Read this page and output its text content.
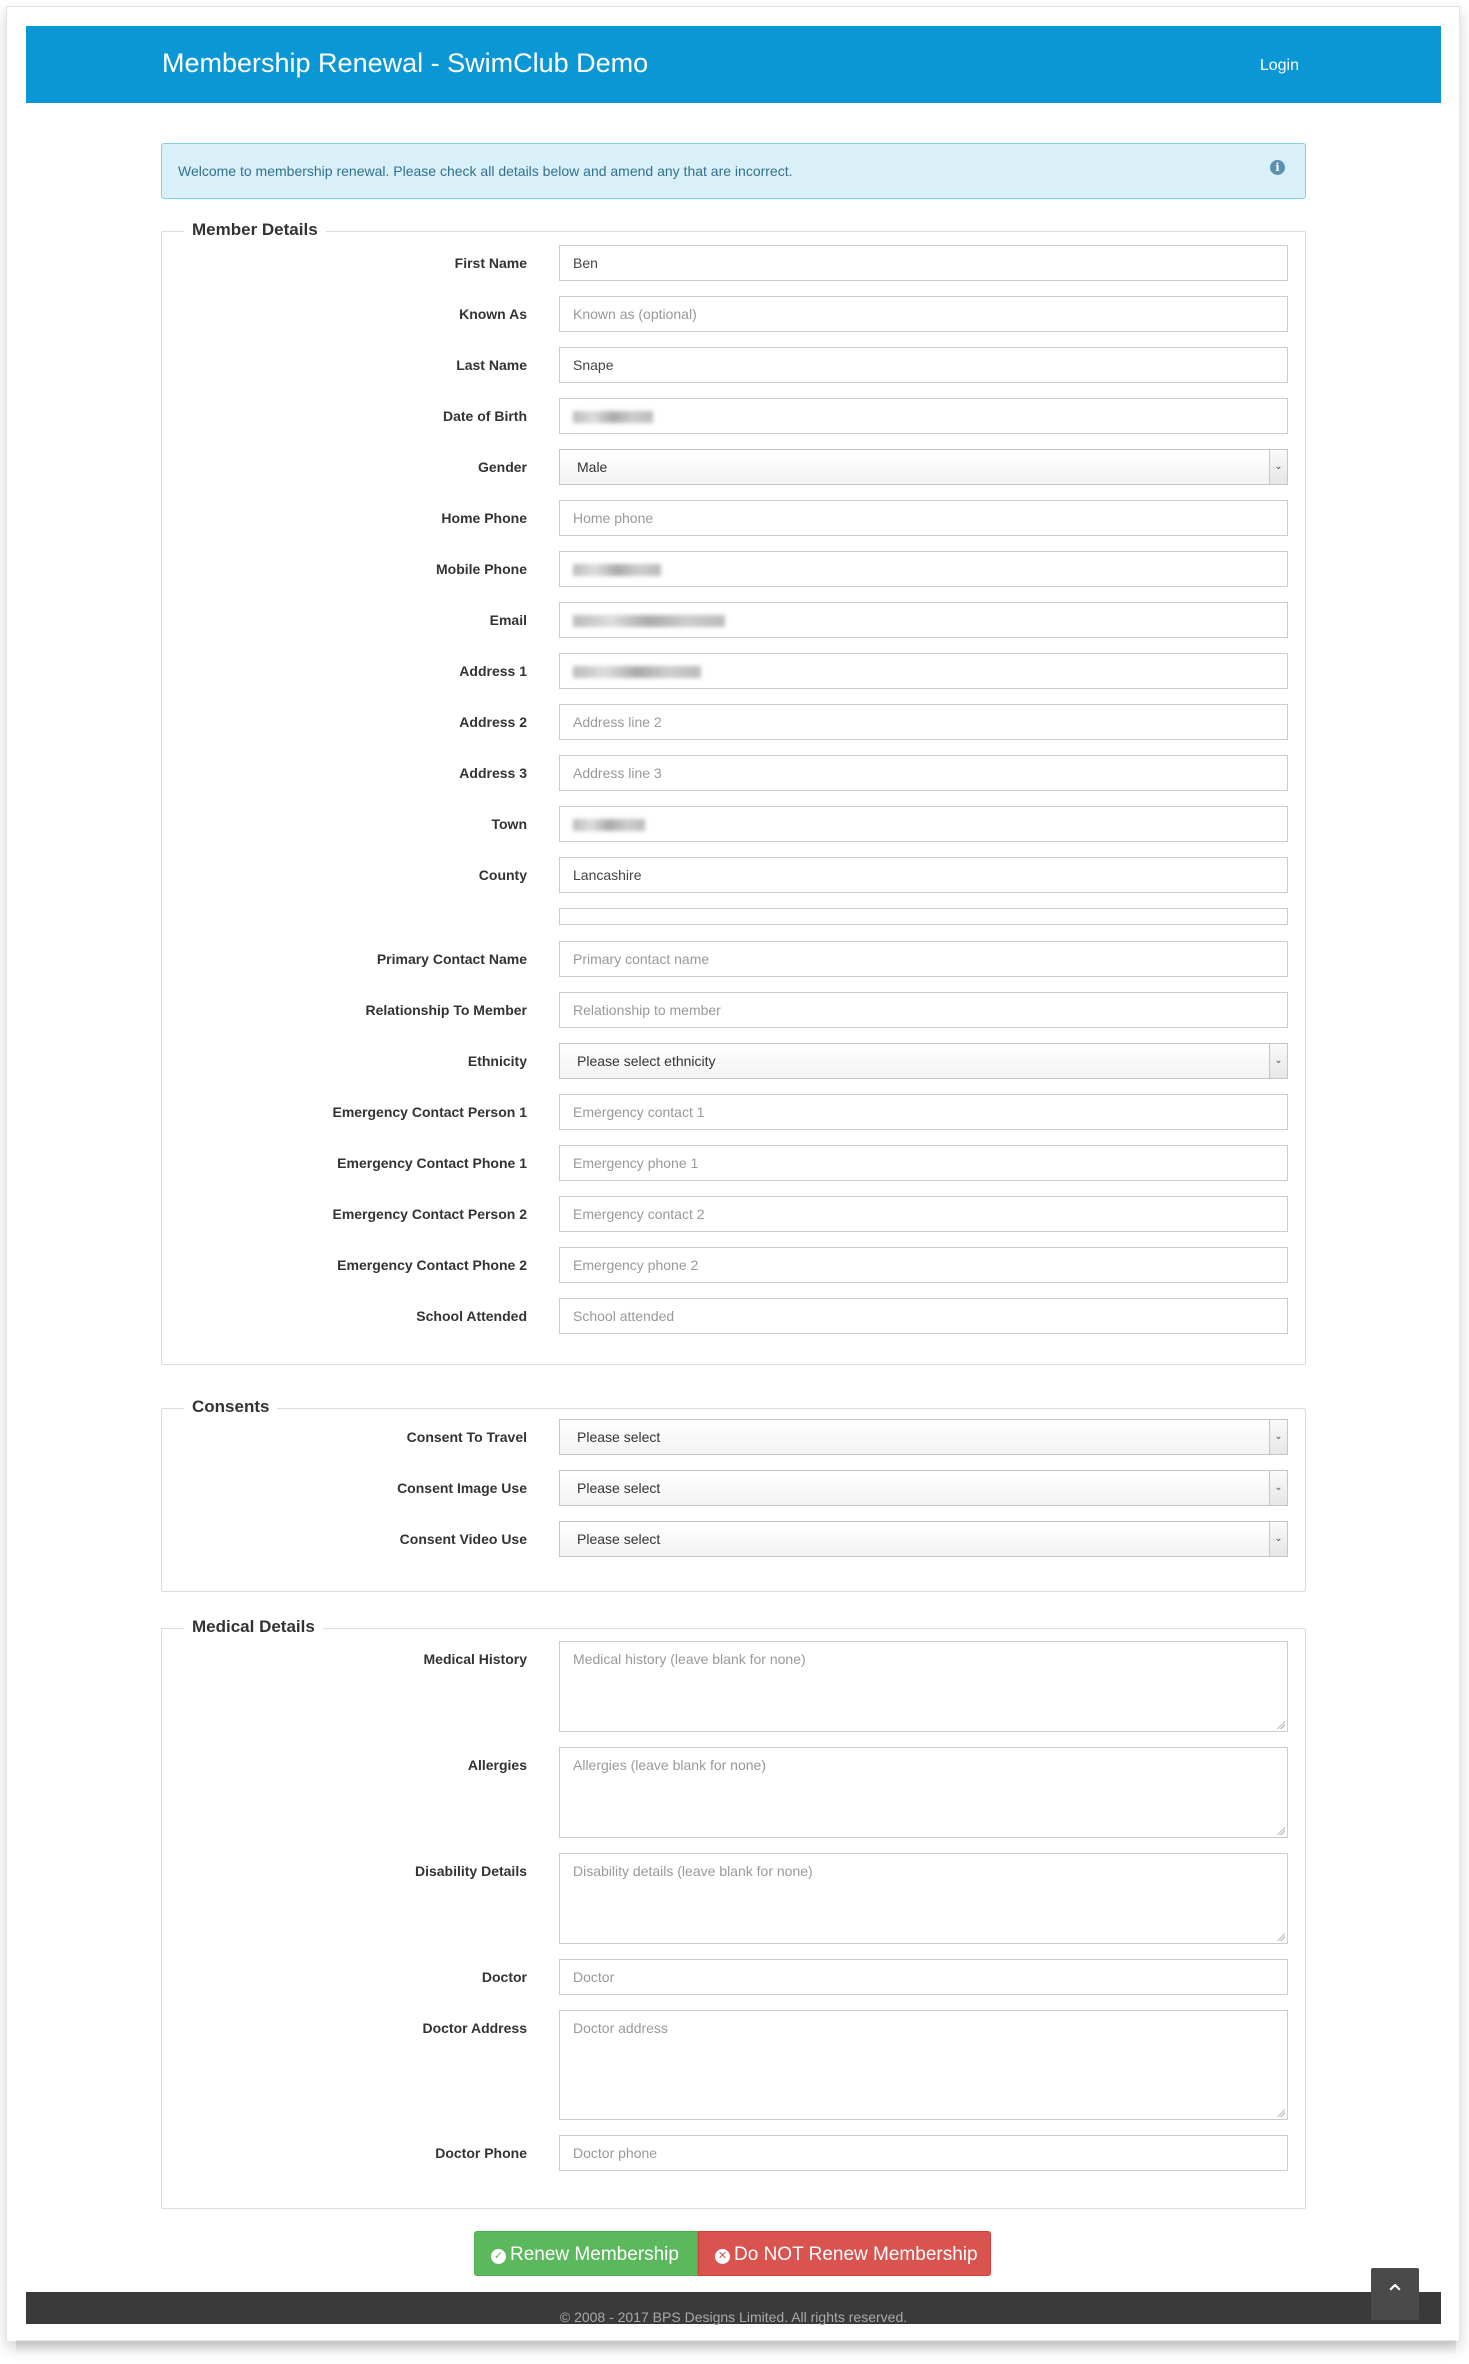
Membership Renewal - SwimClub Demo	Login
Welcome to membership renewal. Please check all details below and amend any that are incorrect.	i
Member Details
First Name	Ben
Known As	Known as (optional)
Last Name	Snape
Date of Birth
Gender	Male	⌄
Home Phone	Home phone
Mobile Phone
Email
Address 1
Address 2	Address line 2
Address 3	Address line 3
Town
County	Lancashire
Primary Contact Name	Primary contact name
Relationship To Member	Relationship to member
Ethnicity	Please select ethnicity	⌄
Emergency Contact Person 1	Emergency contact 1
Emergency Contact Phone 1	Emergency phone 1
Emergency Contact Person 2	Emergency contact 2
Emergency Contact Phone 2	Emergency phone 2
School Attended	School attended
Consents
Consent To Travel	Please select	⌄
Consent Image Use	Please select	⌄
Consent Video Use	Please select	⌄
Medical Details
Medical History	Medical history (leave blank for none)
Allergies	Allergies (leave blank for none)
Disability Details	Disability details (leave blank for none)
Doctor	Doctor
Doctor Address	Doctor address
Doctor Phone	Doctor phone
✓ Renew Membership	✕ Do NOT Renew Membership
© 2008 - 2017 BPS Designs Limited. All rights reserved.
⌃
